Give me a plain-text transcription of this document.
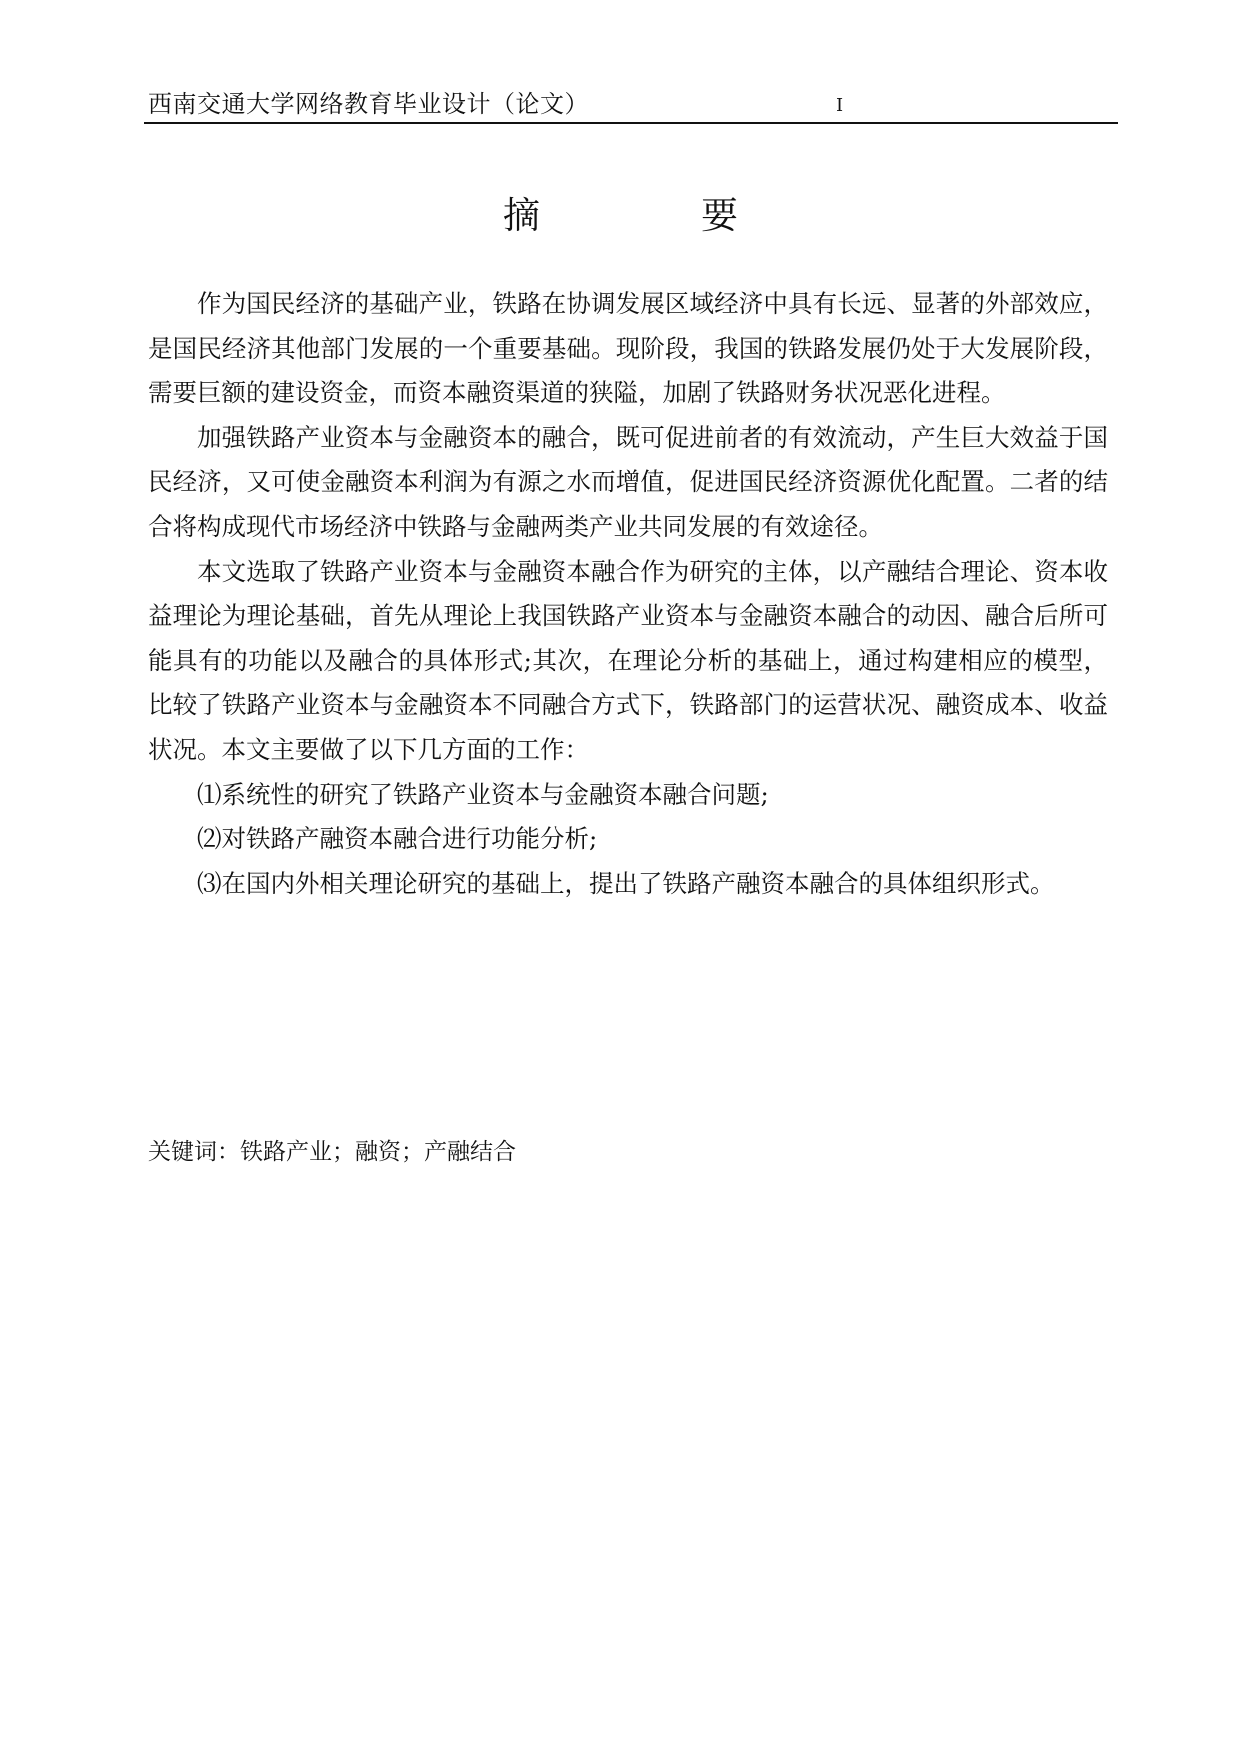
西南交通大学网络教育毕业设计（论文）	I
摘　要

作为国民经济的基础产业，铁路在协调发展区域经济中具有长远、显著的外部效应，是国民经济其他部门发展的一个重要基础。现阶段，我国的铁路发展仍处于大发展阶段，需要巨额的建设资金，而资本融资渠道的狭隘，加剧了铁路财务状况恶化进程。

加强铁路产业资本与金融资本的融合，既可促进前者的有效流动，产生巨大效益于国民经济，又可使金融资本利润为有源之水而增值，促进国民经济资源优化配置。二者的结合将构成现代市场经济中铁路与金融两类产业共同发展的有效途径。

本文选取了铁路产业资本与金融资本融合作为研究的主体，以产融结合理论、资本收益理论为理论基础，首先从理论上我国铁路产业资本与金融资本融合的动因、融合后所可能具有的功能以及融合的具体形式;其次，在理论分析的基础上，通过构建相应的模型，比较了铁路产业资本与金融资本不同融合方式下，铁路部门的运营状况、融资成本、收益状况。本文主要做了以下几方面的工作：

⑴系统性的研究了铁路产业资本与金融资本融合问题;

⑵对铁路产融资本融合进行功能分析;

⑶在国内外相关理论研究的基础上，提出了铁路产融资本融合的具体组织形式。

关键词：铁路产业；融资；产融结合
